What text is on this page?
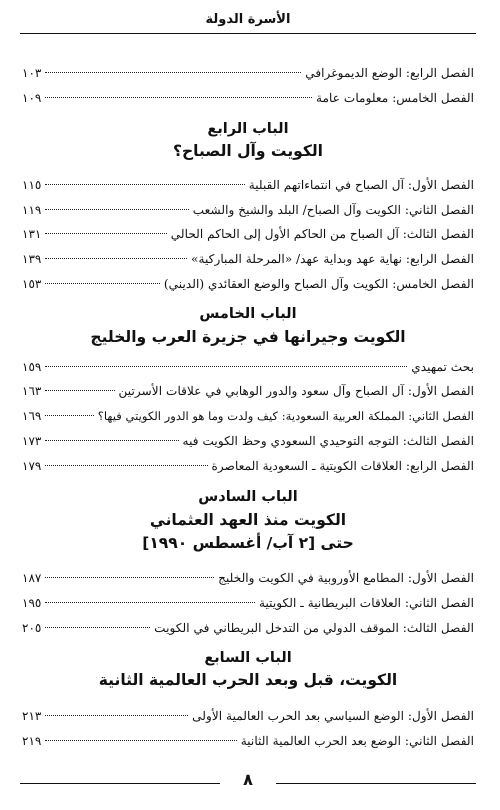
الأسرة الدولة
الفصل الرابع: الوضع الديموغرافي
١٠٣
الفصل الخامس: معلومات عامة
١٠٩
الباب الرابع
الكويت وآل الصباح؟
الفصل الأول: آل الصباح في انتماءاتهم القبلية
١١٥
الفصل الثاني: الكويت وآل الصباح/ البلد والشيخ والشعب
١١٩
الفصل الثالث: آل الصباح من الحاكم الأول إلى الحاكم الحالي
١٣١
الفصل الرابع: نهاية عهد وبداية عهد/ «المرحلة المباركية»
١٣٩
الفصل الخامس: الكويت وآل الصباح والوضع العقائدي (الديني)
١٥٣
الباب الخامس
الكويت وجيرانها في جزيرة العرب والخليج
بحث تمهيدي
١٥٩
الفصل الأول: آل الصباح وآل سعود والدور الوهابي في علاقات الأسرتين
١٦٣
الفصل الثاني: المملكة العربية السعودية: كيف ولدت وما هو الدور الكويتي فيها؟
١٦٩
الفصل الثالث: التوجه التوحيدي السعودي وحظ الكويت فيه
١٧٣
الفصل الرابع: العلاقات الكويتية ـ السعودية المعاصرة
١٧٩
الباب السادس
الكويت منذ العهد العثماني
حتى [٢ آب/ أغسطس ١٩٩٠]
الفصل الأول: المطامع الأوروبية في الكويت والخليج
١٨٧
الفصل الثاني: العلاقات البريطانية ـ الكويتية
١٩٥
الفصل الثالث: الموقف الدولي من التدخل البريطاني في الكويت
٢٠٥
الباب السابع
الكويت، قبل وبعد الحرب العالمية الثانية
الفصل الأول: الوضع السياسي بعد الحرب العالمية الأولى
٢١٣
الفصل الثاني: الوضع بعد الحرب العالمية الثانية
٢١٩
٨
